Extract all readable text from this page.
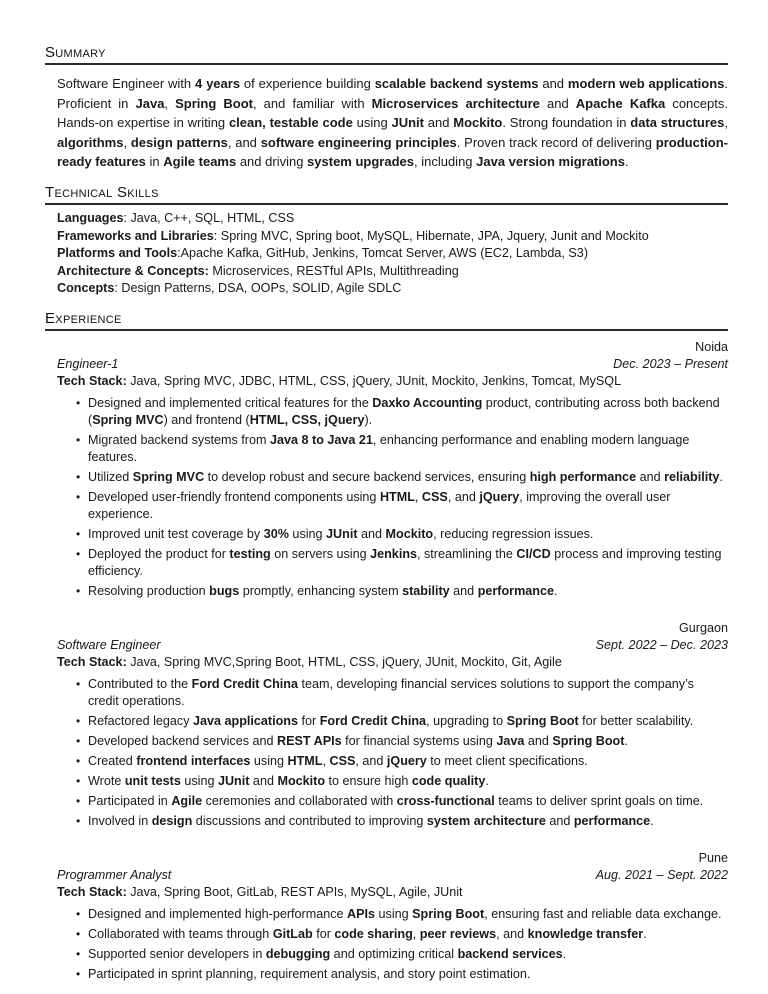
Summary

Software Engineer with 4 years of experience building scalable backend systems and modern web applications. Proficient in Java, Spring Boot, and familiar with Microservices architecture and Apache Kafka concepts. Hands-on expertise in writing clean, testable code using JUnit and Mockito. Strong foundation in data structures, algorithms, design patterns, and software engineering principles. Proven track record of delivering production-ready features in Agile teams and driving system upgrades, including Java version migrations.

Technical Skills
Languages: Java, C++, SQL, HTML, CSS
Frameworks and Libraries: Spring MVC, Spring boot, MySQL, Hibernate, JPA, Jquery, Junit and Mockito
Platforms and Tools:Apache Kafka, GitHub, Jenkins, Tomcat Server, AWS (EC2, Lambda, S3)
Architecture & Concepts: Microservices, RESTful APIs, Multithreading
Concepts: Design Patterns, DSA, OOPs, SOLID, Agile SDLC
Experience
Noida
Engineer-1	Dec. 2023 – Present
Tech Stack: Java, Spring MVC, JDBC, HTML, CSS, jQuery, JUnit, Mockito, Jenkins, Tomcat, MySQL
• Designed and implemented critical features for the Daxko Accounting product, contributing across both backend (Spring MVC) and frontend (HTML, CSS, jQuery).
• Migrated backend systems from Java 8 to Java 21, enhancing performance and enabling modern language features.
• Utilized Spring MVC to develop robust and secure backend services, ensuring high performance and reliability.
• Developed user-friendly frontend components using HTML, CSS, and jQuery, improving the overall user experience.
• Improved unit test coverage by 30% using JUnit and Mockito, reducing regression issues.
• Deployed the product for testing on servers using Jenkins, streamlining the CI/CD process and improving testing efficiency.
• Resolving production bugs promptly, enhancing system stability and performance.
Gurgaon
Software Engineer	Sept. 2022 – Dec. 2023
Tech Stack: Java, Spring MVC,Spring Boot, HTML, CSS, jQuery, JUnit, Mockito, Git, Agile
• Contributed to the Ford Credit China team, developing financial services solutions to support the company’s credit operations.
• Refactored legacy Java applications for Ford Credit China, upgrading to Spring Boot for better scalability.
• Developed backend services and REST APIs for financial systems using Java and Spring Boot.
• Created frontend interfaces using HTML, CSS, and jQuery to meet client specifications.
• Wrote unit tests using JUnit and Mockito to ensure high code quality.
• Participated in Agile ceremonies and collaborated with cross-functional teams to deliver sprint goals on time.
• Involved in design discussions and contributed to improving system architecture and performance.
Pune
Programmer Analyst	Aug. 2021 – Sept. 2022
Tech Stack: Java, Spring Boot, GitLab, REST APIs, MySQL, Agile, JUnit
• Designed and implemented high-performance APIs using Spring Boot, ensuring fast and reliable data exchange.
• Collaborated with teams through GitLab for code sharing, peer reviews, and knowledge transfer.
• Supported senior developers in debugging and optimizing critical backend services.
• Participated in sprint planning, requirement analysis, and story point estimation.
